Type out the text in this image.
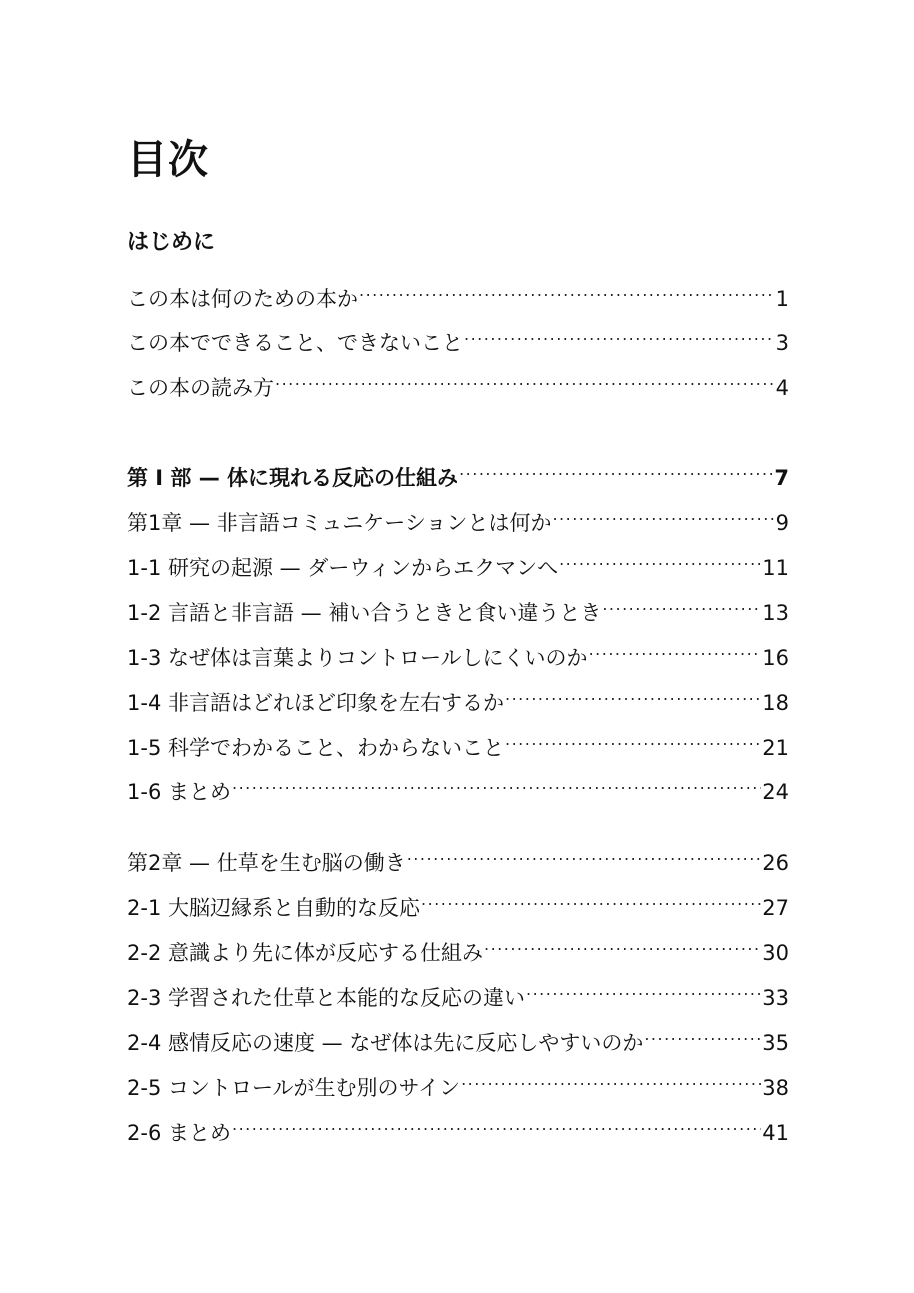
目次
はじめに
この本は何のための本か .....	1
この本でできること、できないこと .....	3
この本の読み方 .....	4
第 I 部 — 体に現れる反応の仕組み .....	7
第1章 — 非言語コミュニケーションとは何か .....	9
1-1 研究の起源 — ダーウィンからエクマンへ .....	11
1-2 言語と非言語 — 補い合うときと食い違うとき .....	13
1-3 なぜ体は言葉よりコントロールしにくいのか .....	16
1-4 非言語はどれほど印象を左右するか .....	18
1-5 科学でわかること、わからないこと .....	21
1-6 まとめ .....	24
第2章 — 仕草を生む脳の働き .....	26
2-1 大脳辺縁系と自動的な反応 .....	27
2-2 意識より先に体が反応する仕組み .....	30
2-3 学習された仕草と本能的な反応の違い .....	33
2-4 感情反応の速度 — なぜ体は先に反応しやすいのか .....	35
2-5 コントロールが生む別のサイン .....	38
2-6 まとめ .....	41
